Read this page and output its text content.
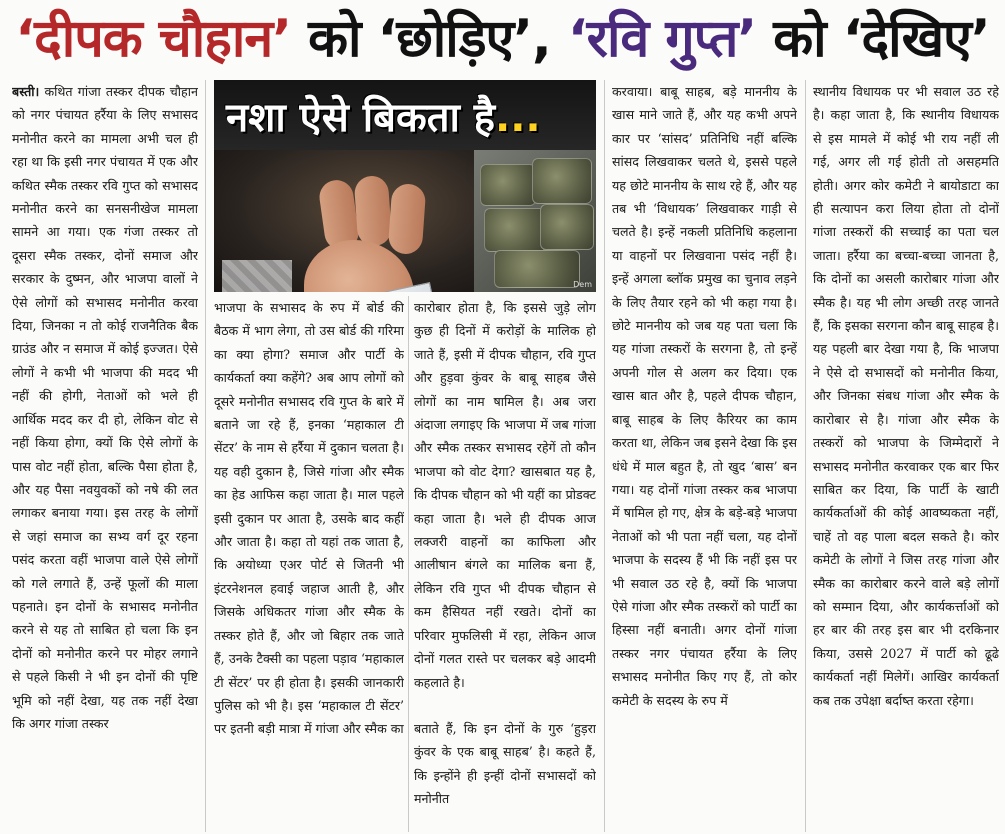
‘दीपक चौहान’ को ‘छोड़िए’, ‘रवि गुप्त’ को ‘देखिए’

बस्ती। कथित गांजा तस्कर दीपक चौहान को नगर पंचायत हर्रैया के लिए सभासद मनोनीत करने का मामला अभी चल ही रहा था कि इसी नगर पंचायत में एक और कथित स्मैक तस्कर रवि गुप्त को सभासद मनोनीत करने का सनसनीखेज मामला सामने आ गया। एक गंजा तस्कर तो दूसरा स्मैक तस्कर, दोनों समाज और सरकार के दुष्मन, और भाजपा वालों ने ऐसे लोगों को सभासद मनोनीत करवा दिया, जिनका न तो कोई राजनैतिक बैक ग्राउंड और न समाज में कोई इज्जत। ऐसे लोगों ने कभी भी भाजपा की मदद भी नहीं की होगी, नेताओं को भले ही आर्थिक मदद कर दी हो, लेकिन वोट से नहीं किया होगा, क्यों कि ऐसे लोगों के पास वोट नहीं होता, बल्कि पैसा होता है, और यह पैसा नवयुवकों को नषे की लत लगाकर बनाया गया। इस तरह के लोगों से जहां समाज का सभ्य वर्ग दूर रहना पसंद करता वहीं भाजपा वाले ऐसे लोगों को गले लगाते हैं, उन्हें फूलों की माला पहनाते। इन दोनों के सभासद मनोनीत करने से यह तो साबित हो चला कि इन दोनों को मनोनीत करने पर मोहर लगाने से पहले किसी ने भी इन दोनों की पृष्टि भूमि को नहीं देखा, यह तक नहीं देखा कि अगर गांजा तस्कर

नशा ऐसे बिकता है...
Dem

भाजपा के सभासद के रुप में बोर्ड की बैठक में भाग लेगा, तो उस बोर्ड की गरिमा का क्या होगा? समाज और पार्टी के कार्यकर्ता क्या कहेंगे? अब आप लोगों को दूसरे मनोनीत सभासद रवि गुप्त के बारे में बताने जा रहे हैं, इनका ‘महाकाल टी सेंटर’ के नाम से हर्रैया में दुकान चलता है। यह वही दुकान है, जिसे गांजा और स्मैक का हेड आफिस कहा जाता है। माल पहले इसी दुकान पर आता है, उसके बाद कहीं और जाता है। कहा तो यहां तक जाता है, कि अयोध्या एअर पोर्ट से जितनी भी इंटरनेशनल हवाई जहाज आती है, और जिसके अधिकतर गांजा और स्मैक के तस्कर होते हैं, और जो बिहार तक जाते हैं, उनके टैक्सी का पहला पड़ाव ‘महाकाल टी सेंटर’ पर ही होता है। इसकी जानकारी पुलिस को भी है। इस ‘महाकाल टी सेंटर’ पर इतनी बड़ी मात्रा में गांजा और स्मैक का

कारोबार होता है, कि इससे जुड़े लोग कुछ ही दिनों में करोड़ों के मालिक हो जाते हैं, इसी में दीपक चौहान, रवि गुप्त और हुड़वा कुंवर के बाबू साहब जैसे लोगों का नाम षामिल है। अब जरा अंदाजा लगाइए कि भाजपा में जब गांजा और स्मैक तस्कर सभासद रहेगें तो कौन भाजपा को वोट देगा? खासबात यह है, कि दीपक चौहान को भी यहीं का प्रोडक्ट कहा जाता है। भले ही दीपक आज लक्जरी वाहनों का काफिला और आलीषान बंगले का मालिक बना हैं, लेकिन रवि गुप्त भी दीपक चौहान से कम हैसियत नहीं रखते। दोनों का परिवार मुफलिसी में रहा, लेकिन आज दोनों गलत रास्ते पर चलकर बड़े आदमी कहलाते है।

बताते हैं, कि इन दोनों के गुरु ‘हुड़रा कुंवर के एक बाबू साहब’ है। कहते हैं, कि इन्होंने ही इन्हीं दोनों सभासदों को मनोनीत

करवाया। बाबू साहब, बड़े माननीय के खास माने जाते हैं, और यह कभी अपने कार पर ‘सांसद’ प्रतिनिधि नहीं बल्कि सांसद लिखवाकर चलते थे, इससे पहले यह छोटे माननीय के साथ रहे हैं, और यह तब भी ‘विधायक’ लिखवाकर गाड़ी से चलते है। इन्हें नकली प्रतिनिधि कहलाना या वाहनों पर लिखवाना पसंद नहीं है। इन्हें अगला ब्लॉक प्रमुख का चुनाव लड़ने के लिए तैयार रहने को भी कहा गया है। छोटे माननीय को जब यह पता चला कि यह गांजा तस्करों के सरगना है, तो इन्हें अपनी गोल से अलग कर दिया। एक खास बात और है, पहले दीपक चौहान, बाबू साहब के लिए कैरियर का काम करता था, लेकिन जब इसने देखा कि इस धंधे में माल बहुत है, तो खुद ‘बास’ बन गया। यह दोनों गांजा तस्कर कब भाजपा में षामिल हो गए, क्षेत्र के बड़े-बड़े भाजपा नेताओं को भी पता नहीं चला, यह दोनों भाजपा के सदस्य हैं भी कि नहीं इस पर भी सवाल उठ रहे है, क्यों कि भाजपा ऐसे गांजा और स्मैक तस्करों को पार्टी का हिस्सा नहीं बनाती। अगर दोनों गांजा तस्कर नगर पंचायत हर्रैया के लिए सभासद मनोनीत किए गए हैं, तो कोर कमेटी के सदस्य के रुप में

स्थानीय विधायक पर भी सवाल उठ रहे है। कहा जाता है, कि स्थानीय विधायक से इस मामले में कोई भी राय नहीं ली गई, अगर ली गई होती तो असहमति होती। अगर कोर कमेटी ने बायोडाटा का ही सत्यापन करा लिया होता तो दोनों गांजा तस्करों की सच्चाई का पता चल जाता। हर्रैया का बच्चा-बच्चा जानता है, कि दोनों का असली कारोबार गांजा और स्मैक है। यह भी लोग अच्छी तरह जानते हैं, कि इसका सरगना कौन बाबू साहब है। यह पहली बार देखा गया है, कि भाजपा ने ऐसे दो सभासदों को मनोनीत किया, और जिनका संबध गांजा और स्मैक के कारोबार से है। गांजा और स्मैक के तस्करों को भाजपा के जिम्मेदारों ने सभासद मनोनीत करवाकर एक बार फिर साबित कर दिया, कि पार्टी के खाटी कार्यकर्ताओं की कोई आवष्यकता नहीं, चाहें तो वह पाला बदल सकते है। कोर कमेटी के लोगों ने जिस तरह गांजा और स्मैक का कारोबार करने वाले बड़े लोगों को सम्मान दिया, और कार्यकर्त्ताओं को हर बार की तरह इस बार भी दरकिनार किया, उससे 2027 में पार्टी को ढूढे कार्यकर्ता नहीं मिलेगें। आखिर कार्यकर्ता कब तक उपेक्षा बर्दाष्त करता रहेगा।
